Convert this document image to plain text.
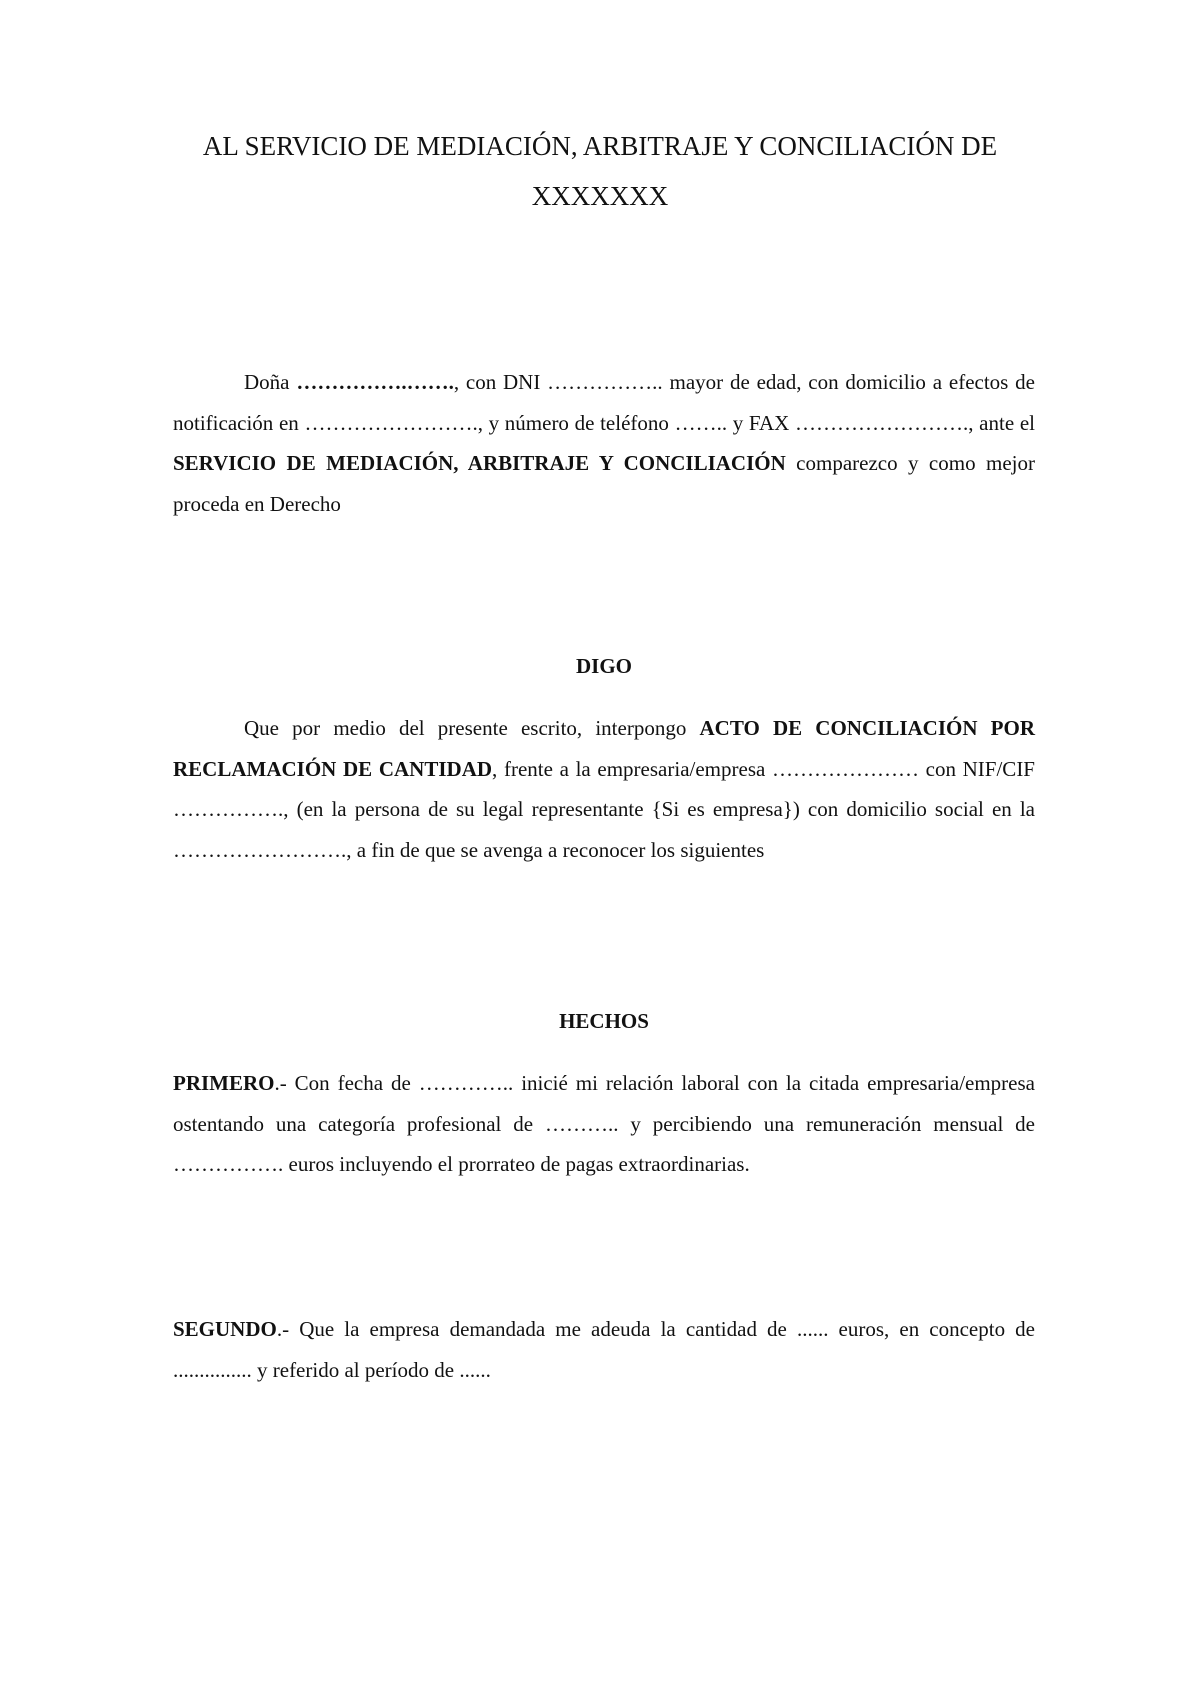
AL SERVICIO DE MEDIACIÓN, ARBITRAJE Y CONCILIACIÓN DE
XXXXXXX

Doña …………….……., con DNI …………….. mayor de edad, con domicilio a efectos de notificación en ……………………., y número de teléfono …….. y FAX ……………………., ante el SERVICIO DE MEDIACIÓN, ARBITRAJE Y CONCILIACIÓN comparezco y como mejor proceda en Derecho

DIGO

Que por medio del presente escrito, interpongo ACTO DE CONCILIACIÓN POR RECLAMACIÓN DE CANTIDAD, frente a la empresaria/empresa ………………… con NIF/CIF ……………., (en la persona de su legal representante {Si es empresa}) con domicilio social en la ……………………., a fin de que se avenga a reconocer los siguientes

HECHOS

PRIMERO.- Con fecha de ………….. inicié mi relación laboral con la citada empresaria/empresa ostentando una categoría profesional de ……….. y percibiendo una remuneración mensual de ……………. euros incluyendo el prorrateo de pagas extraordinarias.

SEGUNDO.- Que la empresa demandada me adeuda la cantidad de ...... euros, en concepto de ............... y referido al período de ......
